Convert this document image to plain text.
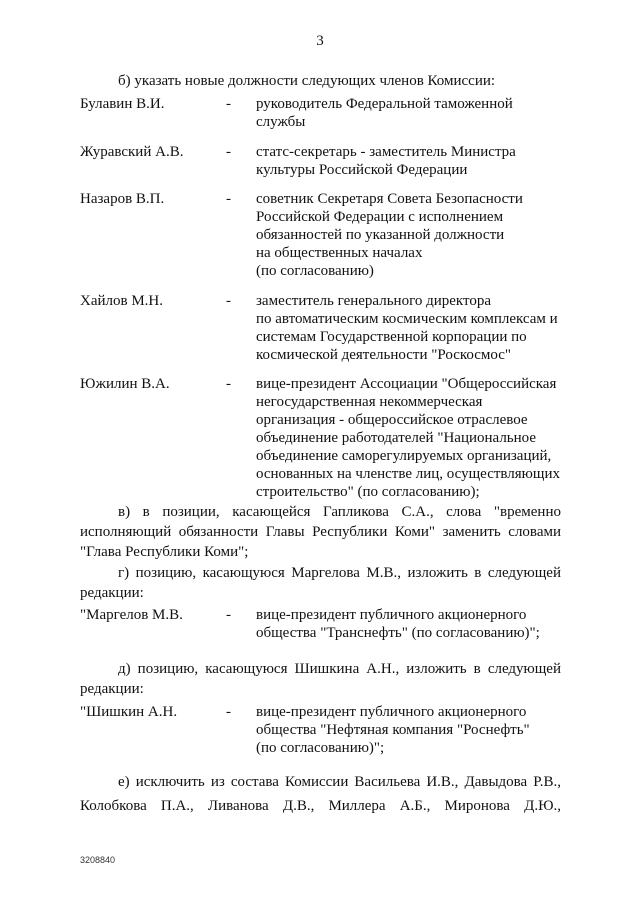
3
б) указать новые должности следующих членов Комиссии:
Булавин В.И.	- руководитель Федеральной таможенной
службы
Журавский А.В.	- статс-секретарь - заместитель Министра
культуры Российской Федерации
Назаров В.П.	- советник Секретаря Совета Безопасности
Российской Федерации с исполнением
обязанностей по указанной должности
на общественных началах
(по согласованию)
Хайлов М.Н.	- заместитель генерального директора
по автоматическим космическим комплексам и
системам Государственной корпорации по
космической деятельности "Роскосмос"
Южилин В.А.	- вице-президент Ассоциации "Общероссийская
негосударственная некоммерческая
организация - общероссийское отраслевое
объединение работодателей "Национальное
объединение саморегулируемых организаций,
основанных на членстве лиц, осуществляющих
строительство" (по согласованию);
в) в позиции, касающейся Гапликова С.А., слова "временно
исполняющий обязанности Главы Республики Коми" заменить словами
"Глава Республики Коми";
г) позицию, касающуюся Маргелова М.В., изложить в следующей
редакции:
"Маргелов М.В.	- вице-президент публичного акционерного
общества "Транснефть" (по согласованию)";
д) позицию, касающуюся Шишкина А.Н., изложить в следующей
редакции:
"Шишкин А.Н.	- вице-президент публичного акционерного
общества "Нефтяная компания "Роснефть"
(по согласованию)";
е) исключить из состава Комиссии Васильева И.В., Давыдова Р.В.,
Колобкова П.А., Ливанова Д.В., Миллера А.Б., Миронова Д.Ю.,
3208840
